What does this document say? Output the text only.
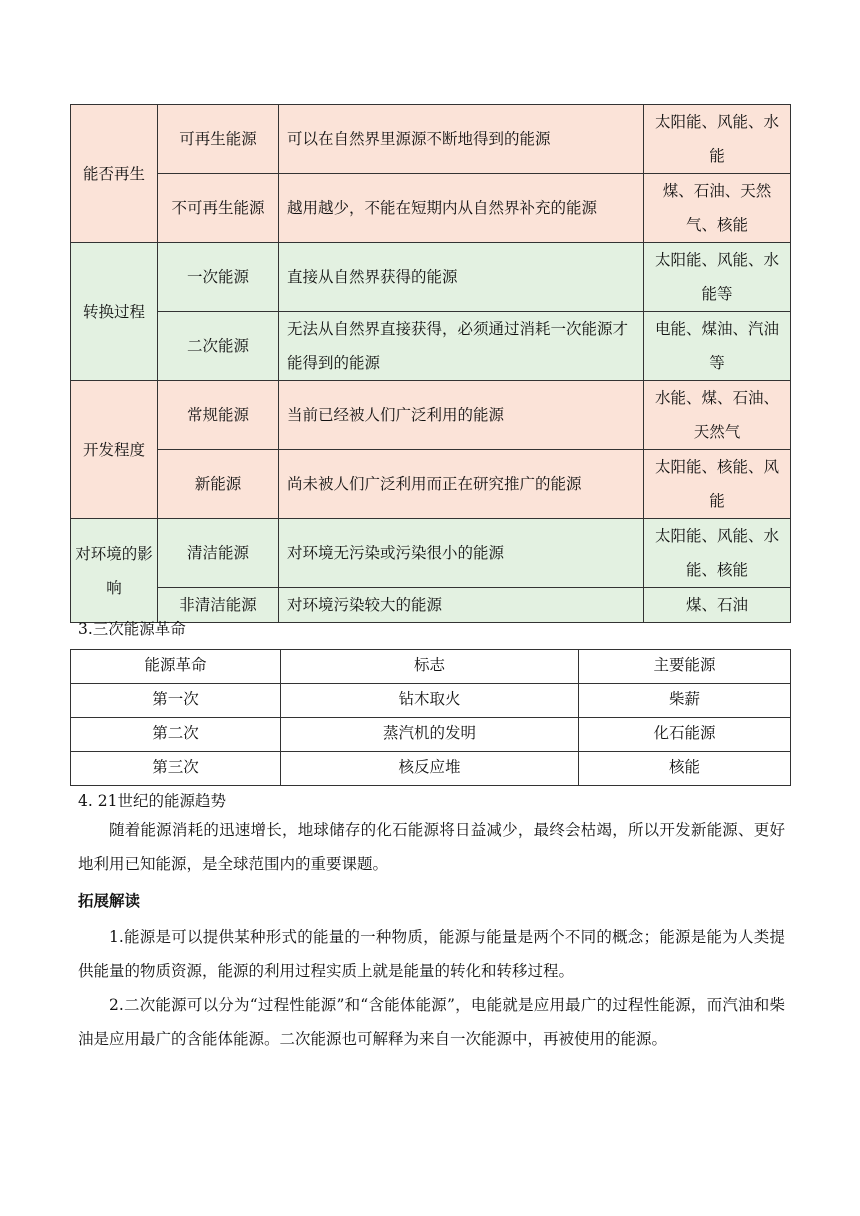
能否再生	可再生能源	可以在自然界里源源不断地得到的能源	太阳能、风能、水能
	不可再生能源	越用越少，不能在短期内从自然界补充的能源	煤、石油、天然气、核能
转换过程	一次能源	直接从自然界获得的能源	太阳能、风能、水能等
	二次能源	无法从自然界直接获得，必须通过消耗一次能源才能得到的能源	电能、煤油、汽油等
开发程度	常规能源	当前已经被人们广泛利用的能源	水能、煤、石油、天然气
	新能源	尚未被人们广泛利用而正在研究推广的能源	太阳能、核能、风能
对环境的影响	清洁能源	对环境无污染或污染很小的能源	太阳能、风能、水能、核能
	非清洁能源	对环境污染较大的能源	煤、石油
3.三次能源革命
能源革命	标志	主要能源
第一次	钻木取火	柴薪
第二次	蒸汽机的发明	化石能源
第三次	核反应堆	核能
4. 21世纪的能源趋势

随着能源消耗的迅速增长，地球储存的化石能源将日益减少，最终会枯竭，所以开发新能源、更好地利用已知能源，是全球范围内的重要课题。

拓展解读

1.能源是可以提供某种形式的能量的一种物质，能源与能量是两个不同的概念；能源是能为人类提供能量的物质资源，能源的利用过程实质上就是能量的转化和转移过程。

2.二次能源可以分为“过程性能源”和“含能体能源”，电能就是应用最广的过程性能源，而汽油和柴油是应用最广的含能体能源。二次能源也可解释为来自一次能源中，再被使用的能源。
